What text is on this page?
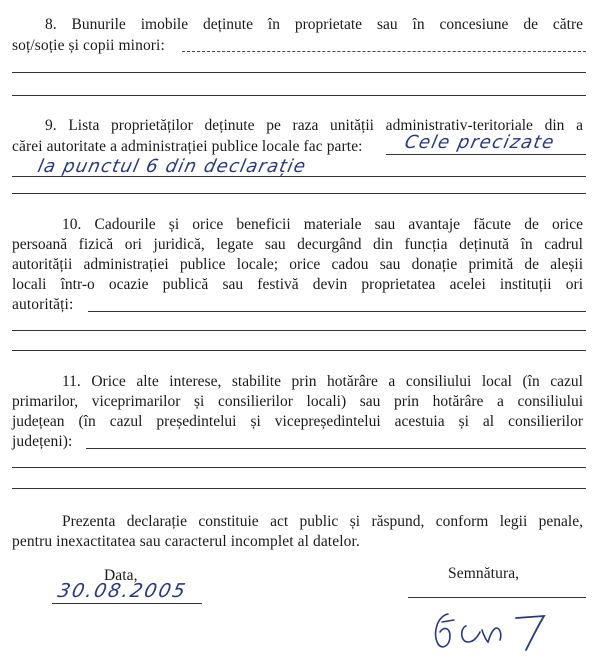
8. Bunurile imobile deținute în proprietate sau în concesiune de către
soț/soție și copii minori:
9. Lista proprietăților deținute pe raza unității administrativ-teritoriale din a
cărei autoritate a administrației publice locale fac parte: Cele precizate
la punctul 6 din declarație
10. Cadourile și orice beneficii materiale sau avantaje făcute de orice
persoană fizică ori juridică, legate sau decurgând din funcția deținută în cadrul
autorității administrației publice locale; orice cadou sau donație primită de aleșii
locali într-o ocazie publică sau festivă devin proprietatea acelei instituții ori
autorități:
11. Orice alte interese, stabilite prin hotărâre a consiliului local (în cazul
primarilor, viceprimarilor și consilierilor locali) sau prin hotărâre a consiliului
județean (în cazul președintelui și vicepreședintelui acestuia și al consilierilor
județeni):
Prezenta declarație constituie act public și răspund, conform legii penale,
pentru inexactitatea sau caracterul incomplet al datelor.
Data,
30.08.2005
Semnătura,
